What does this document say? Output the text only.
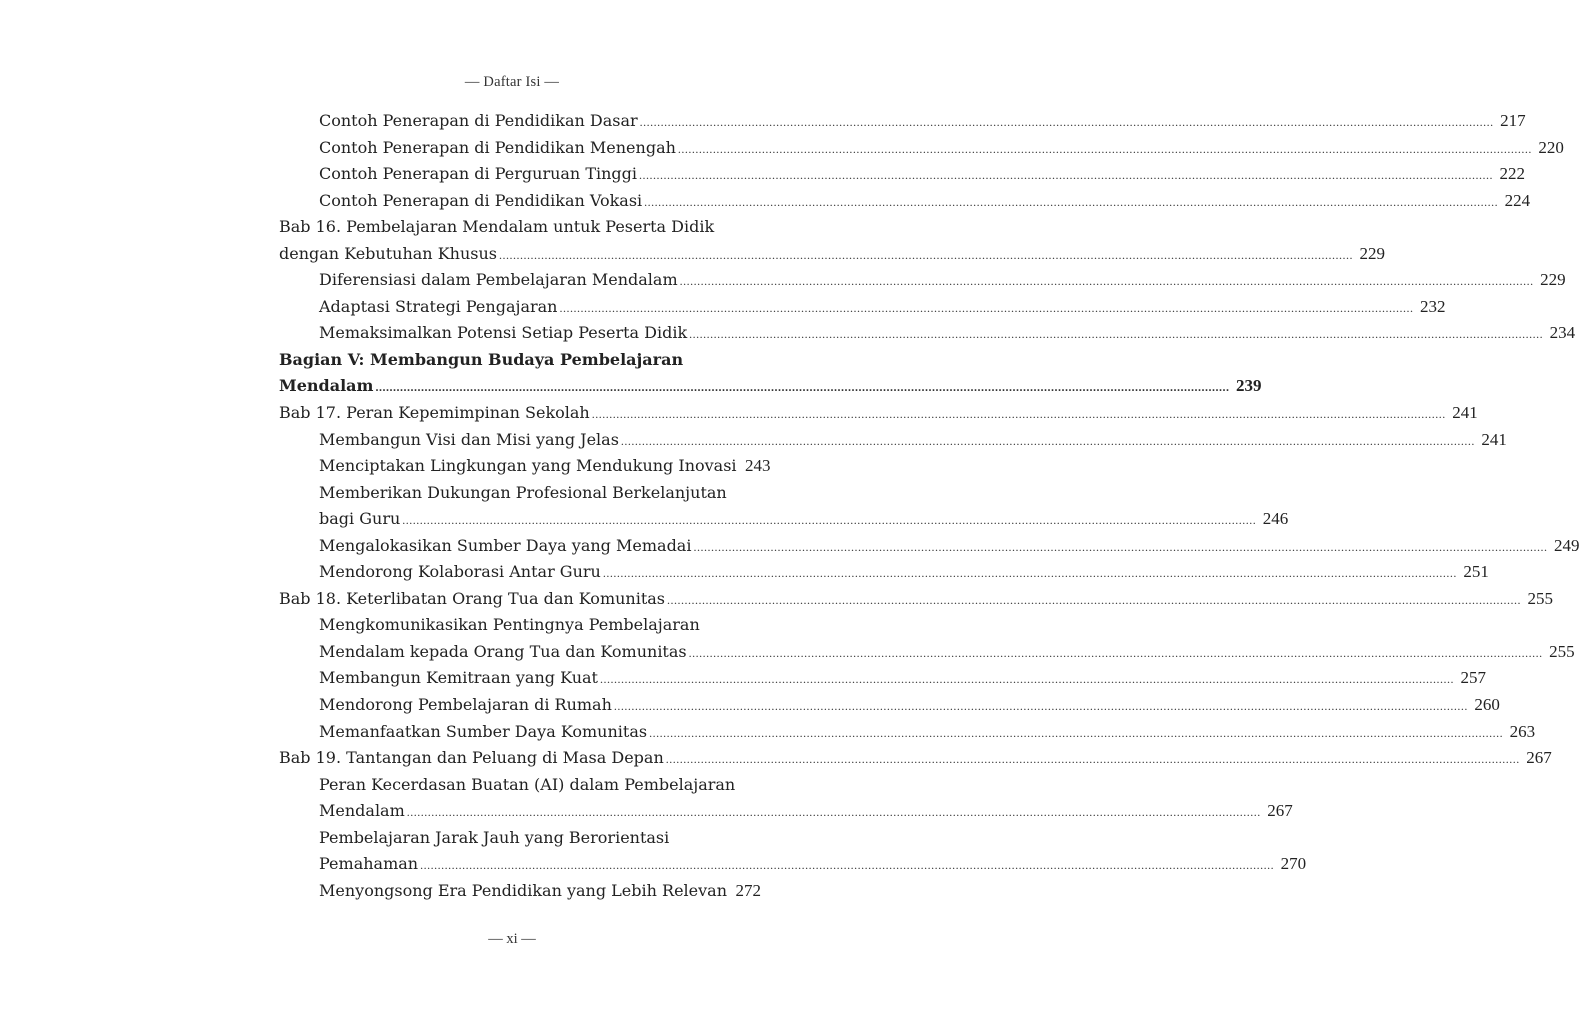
— Daftar Isi —
Contoh Penerapan di Pendidikan Dasar .....	217
Contoh Penerapan di Pendidikan Menengah .....	220
Contoh Penerapan di Perguruan Tinggi .....	222
Contoh Penerapan di Pendidikan Vokasi .....	224
Bab 16. Pembelajaran Mendalam untuk Peserta Didik
dengan Kebutuhan Khusus .....	229
Diferensiasi dalam Pembelajaran Mendalam .....	229
Adaptasi Strategi Pengajaran .....	232
Memaksimalkan Potensi Setiap Peserta Didik .....	234
Bagian V: Membangun Budaya Pembelajaran
Mendalam .....	239
Bab 17. Peran Kepemimpinan Sekolah .....	241
Membangun Visi dan Misi yang Jelas .....	241
Menciptakan Lingkungan yang Mendukung Inovasi 243
Memberikan Dukungan Profesional Berkelanjutan
bagi Guru .....	246
Mengalokasikan Sumber Daya yang Memadai .....	249
Mendorong Kolaborasi Antar Guru .....	251
Bab 18. Keterlibatan Orang Tua dan Komunitas .....	255
Mengkomunikasikan Pentingnya Pembelajaran
Mendalam kepada Orang Tua dan Komunitas .....	255
Membangun Kemitraan yang Kuat .....	257
Mendorong Pembelajaran di Rumah .....	260
Memanfaatkan Sumber Daya Komunitas .....	263
Bab 19. Tantangan dan Peluang di Masa Depan .....	267
Peran Kecerdasan Buatan (AI) dalam Pembelajaran
Mendalam .....	267
Pembelajaran Jarak Jauh yang Berorientasi
Pemahaman .....	270
Menyongsong Era Pendidikan yang Lebih Relevan 272
— xi —
